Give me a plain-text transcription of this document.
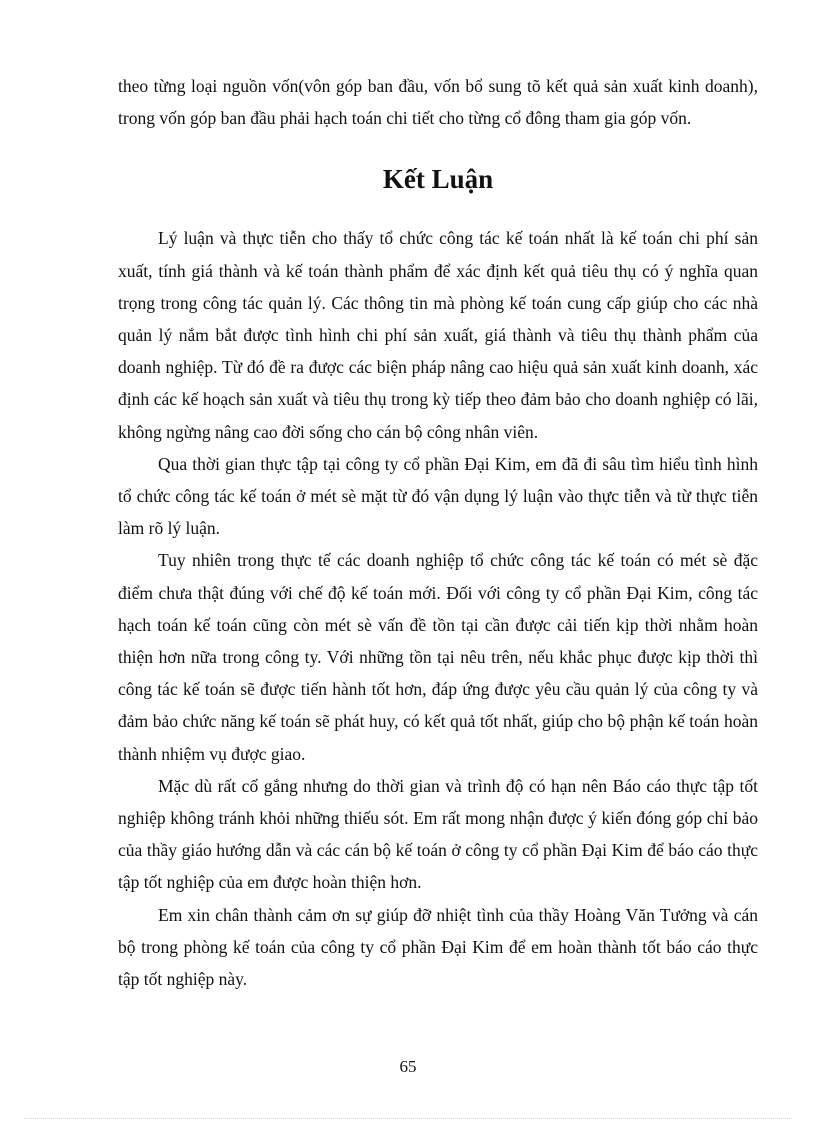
theo từng loại nguồn vốn(vôn góp ban đầu, vốn bổ sung tõ kết quả sản xuất kinh doanh), trong vốn góp ban đầu phải hạch toán chi tiết cho từng cổ đông tham gia góp vốn.

Kết Luận

Lý luận và thực tiễn cho thấy tổ chức công tác kế toán nhất là kế toán chi phí sản xuất, tính giá thành và kế toán thành phẩm để xác định kết quả tiêu thụ có ý nghĩa quan trọng trong công tác quản lý. Các thông tin mà phòng kế toán cung cấp giúp cho các nhà quản lý nắm bắt được tình hình chi phí sản xuất, giá thành và tiêu thụ thành phẩm của doanh nghiệp. Từ đó đề ra được các biện pháp nâng cao hiệu quả sản xuất kinh doanh, xác định các kế hoạch sản xuất và tiêu thụ trong kỳ tiếp theo đảm bảo cho doanh nghiệp có lãi, không ngừng nâng cao đời sống cho cán bộ công nhân viên.

Qua thời gian thực tập tại công ty cổ phần Đại Kim, em đã đi sâu tìm hiểu tình hình tổ chức công tác kế toán ở mét sè mặt từ đó vận dụng lý luận vào thực tiễn và từ thực tiễn làm rõ lý luận.

Tuy nhiên trong thực tế các doanh nghiệp tổ chức công tác kế toán có mét sè đặc điểm chưa thật đúng với chế độ kế toán mới. Đối với công ty cổ phần Đại Kim, công tác hạch toán kế toán cũng còn mét sè vấn đề tồn tại cần được cải tiến kịp thời nhằm hoàn thiện hơn nữa trong công ty. Với những tồn tại nêu trên, nếu khắc phục được kịp thời thì công tác kế toán sẽ được tiến hành tốt hơn, đáp ứng được yêu cầu quản lý của công ty và đảm bảo chức năng kế toán sẽ phát huy, có kết quả tốt nhất, giúp cho bộ phận kế toán hoàn thành nhiệm vụ được giao.

Mặc dù rất cố gắng nhưng do thời gian và trình độ có hạn nên Báo cáo thực tập tốt nghiệp không tránh khỏi những thiếu sót. Em rất mong nhận được ý kiến đóng góp chỉ bảo của thầy giáo hướng dẫn và các cán bộ kế toán ở công ty cổ phần Đại Kim để báo cáo thực tập tốt nghiệp của em được hoàn thiện hơn.

Em xin chân thành cảm ơn sự giúp đỡ nhiệt tình của thầy Hoàng Văn Tưởng và cán bộ trong phòng kế toán của công ty cổ phần Đại Kim để em hoàn thành tốt báo cáo thực tập tốt nghiệp này.

65
